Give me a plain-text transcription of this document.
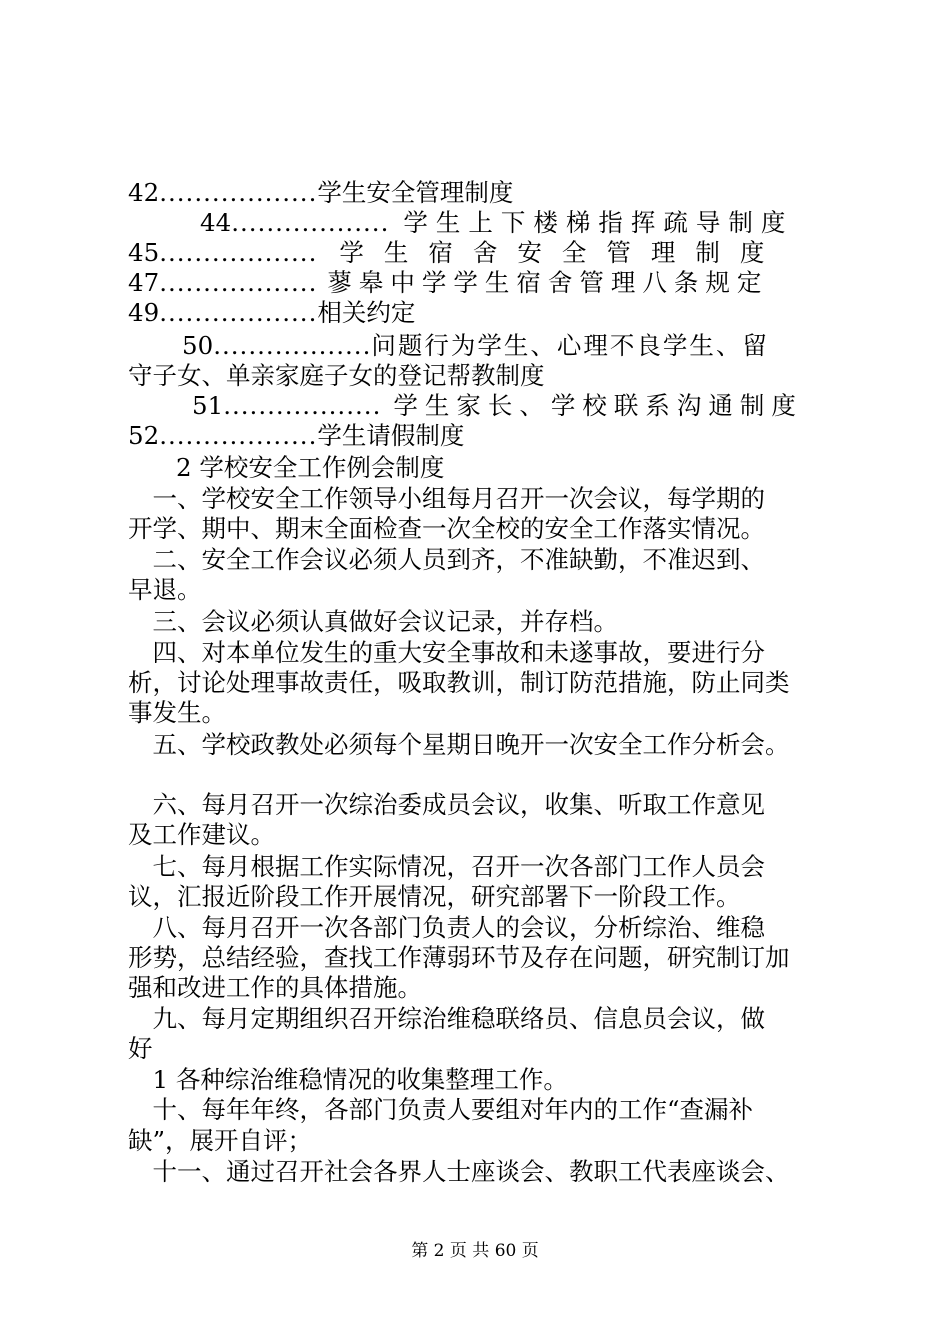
42..................学生安全管理制度
44.................. 学生上下楼梯指挥疏导制度
45.................. 学生宿舍安全管理制度
47.................. 蓼皋中学学生宿舍管理八条规定
49..................相关约定
50..................问题行为学生、心理不良学生、留
守子女、单亲家庭子女的登记帮教制度
51.................. 学生家长、学校联系沟通制度
52..................学生请假制度
2 学校安全工作例会制度
　一、学校安全工作领导小组每月召开一次会议，每学期的
开学、期中、期末全面检查一次全校的安全工作落实情况。
　二、安全工作会议必须人员到齐，不准缺勤，不准迟到、
早退。
　三、会议必须认真做好会议记录，并存档。
　四、对本单位发生的重大安全事故和未遂事故，要进行分
析，讨论处理事故责任，吸取教训，制订防范措施，防止同类
事发生。
　五、学校政教处必须每个星期日晚开一次安全工作分析会。
　六、每月召开一次综治委成员会议，收集、听取工作意见
及工作建议。
　七、每月根据工作实际情况，召开一次各部门工作人员会
议，汇报近阶段工作开展情况，研究部署下一阶段工作。
　八、每月召开一次各部门负责人的会议，分析综治、维稳
形势，总结经验，查找工作薄弱环节及存在问题，研究制订加
强和改进工作的具体措施。
　九、每月定期组织召开综治维稳联络员、信息员会议，做
好
　1 各种综治维稳情况的收集整理工作。
　十、每年年终，各部门负责人要组对年内的工作“查漏补
缺”，展开自评；
　十一、通过召开社会各界人士座谈会、教职工代表座谈会、
第 2 页 共 60 页
